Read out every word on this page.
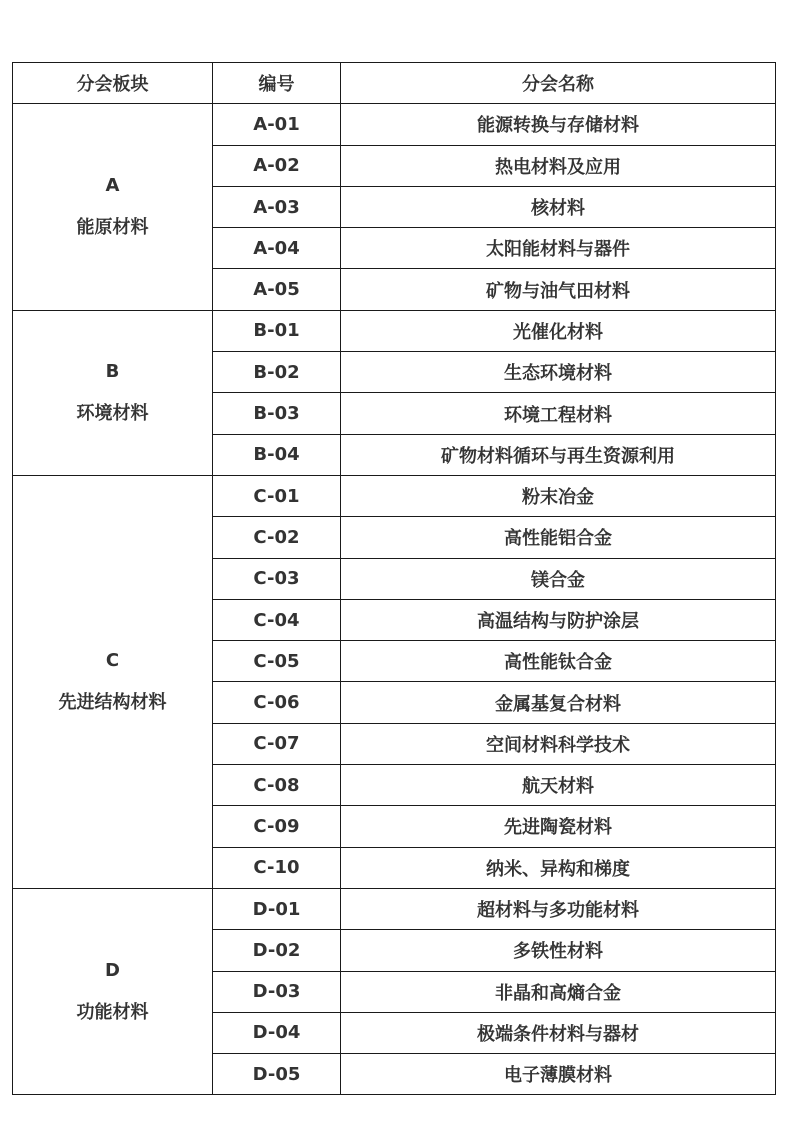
分会板块	编号	分会名称

A
能原材料	A-01	能源转换与存储材料
	A-02	热电材料及应用
	A-03	核材料
	A-04	太阳能材料与器件
	A-05	矿物与油气田材料

B
环境材料	B-01	光催化材料
	B-02	生态环境材料
	B-03	环境工程材料
	B-04	矿物材料循环与再生资源利用

C
先进结构材料	C-01	粉末冶金
	C-02	高性能铝合金
	C-03	镁合金
	C-04	高温结构与防护涂层
	C-05	高性能钛合金
	C-06	金属基复合材料
	C-07	空间材料科学技术
	C-08	航天材料
	C-09	先进陶瓷材料
	C-10	纳米、异构和梯度

D
功能材料	D-01	超材料与多功能材料
	D-02	多铁性材料
	D-03	非晶和高熵合金
	D-04	极端条件材料与器材
	D-05	电子薄膜材料
